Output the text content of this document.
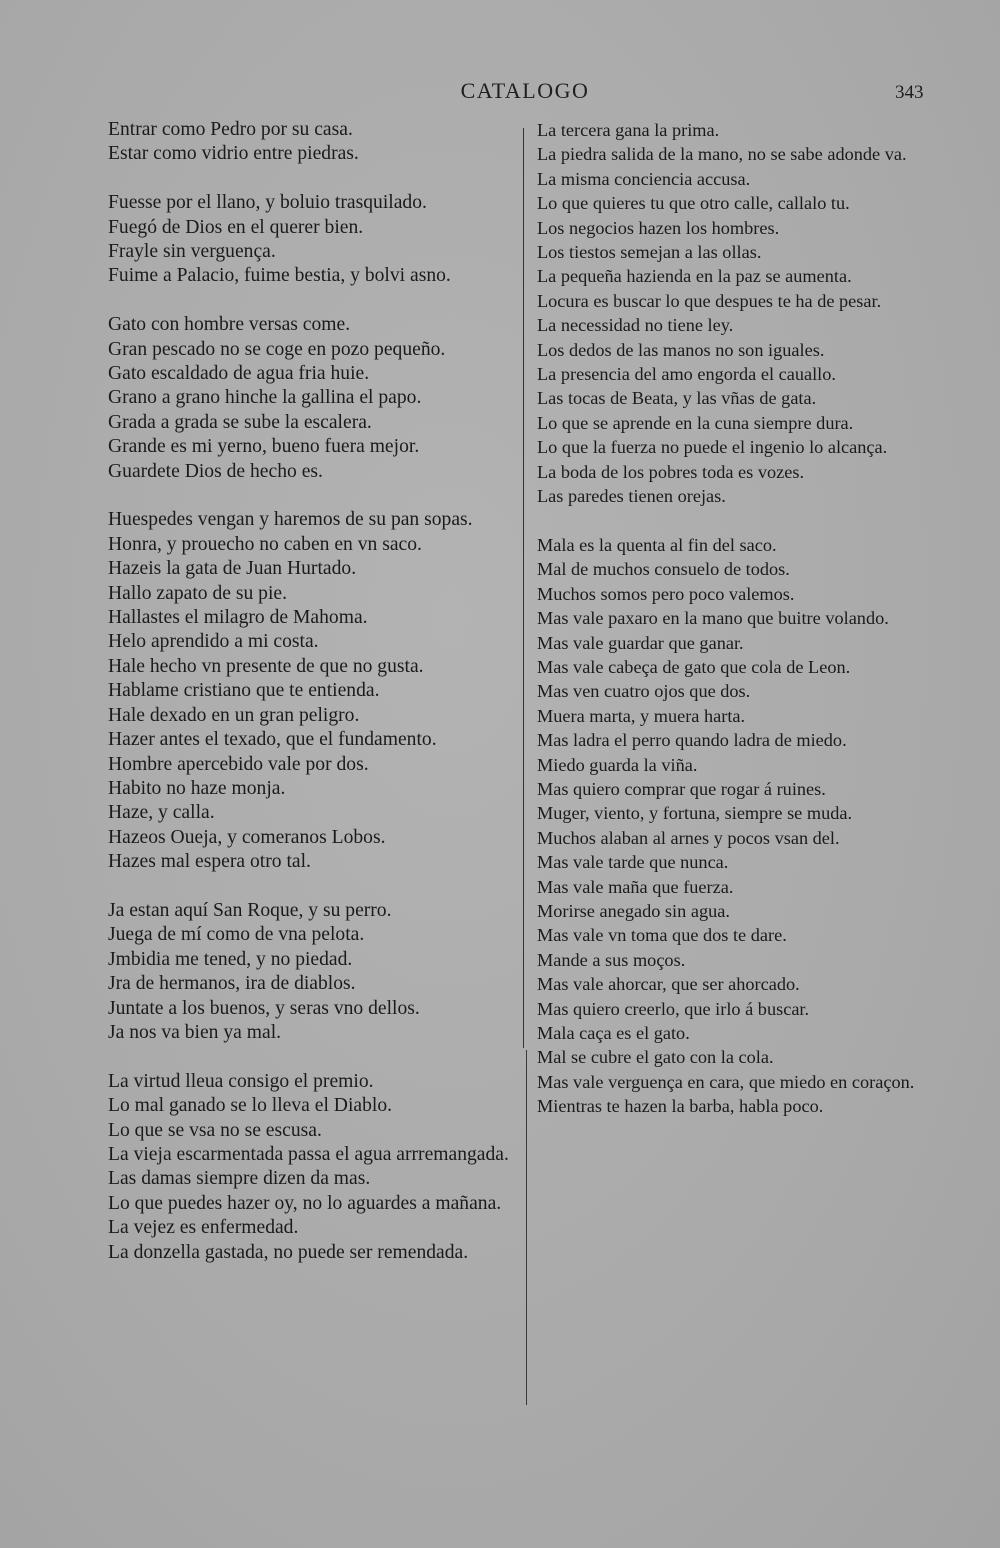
CATALOGO	343
Entrar como Pedro por su casa.
Estar como vidrio entre piedras.
Fuesse por el llano, y boluio trasquilado.
Fuegó de Dios en el querer bien.
Frayle sin verguença.
Fuime a Palacio, fuime bestia, y bolvi asno.
Gato con hombre versas come.
Gran pescado no se coge en pozo pequeño.
Gato escaldado de agua fria huie.
Grano a grano hinche la gallina el papo.
Grada a grada se sube la escalera.
Grande es mi yerno, bueno fuera mejor.
Guardete Dios de hecho es.
Huespedes vengan y haremos de su pan sopas.
Honra, y prouecho no caben en vn saco.
Hazeis la gata de Juan Hurtado.
Hallo zapato de su pie.
Hallastes el milagro de Mahoma.
Helo aprendido a mi costa.
Hale hecho vn presente de que no gusta.
Hablame cristiano que te entienda.
Hale dexado en un gran peligro.
Hazer antes el texado, que el fundamento.
Hombre apercebido vale por dos.
Habito no haze monja.
Haze, y calla.
Hazeos Oueja, y comeranos Lobos.
Hazes mal espera otro tal.
Ja estan aquí San Roque, y su perro.
Juega de mí como de vna pelota.
Jmbidia me tened, y no piedad.
Jra de hermanos, ira de diablos.
Juntate a los buenos, y seras vno dellos.
Ja nos va bien ya mal.
La virtud lleua consigo el premio.
Lo mal ganado se lo lleva el Diablo.
Lo que se vsa no se escusa.
La vieja escarmentada passa el agua arrremangada.
Las damas siempre dizen da mas.
Lo que puedes hazer oy, no lo aguardes a mañana.
La vejez es enfermedad.
La donzella gastada, no puede ser remendada.
La tercera gana la prima.
La piedra salida de la mano, no se sabe adonde va.
La misma conciencia accusa.
Lo que quieres tu que otro calle, callalo tu.
Los negocios hazen los hombres.
Los tiestos semejan a las ollas.
La pequeña hazienda en la paz se aumenta.
Locura es buscar lo que despues te ha de pesar.
La necessidad no tiene ley.
Los dedos de las manos no son iguales.
La presencia del amo engorda el cauallo.
Las tocas de Beata, y las vñas de gata.
Lo que se aprende en la cuna siempre dura.
Lo que la fuerza no puede el ingenio lo alcança.
La boda de los pobres toda es vozes.
Las paredes tienen orejas.
Mala es la quenta al fin del saco.
Mal de muchos consuelo de todos.
Muchos somos pero poco valemos.
Mas vale paxaro en la mano que buitre volando.
Mas vale guardar que ganar.
Mas vale cabeça de gato que cola de Leon.
Mas ven cuatro ojos que dos.
Muera marta, y muera harta.
Mas ladra el perro quando ladra de miedo.
Miedo guarda la viña.
Mas quiero comprar que rogar á ruines.
Muger, viento, y fortuna, siempre se muda.
Muchos alaban al arnes y pocos vsan del.
Mas vale tarde que nunca.
Mas vale maña que fuerza.
Morirse anegado sin agua.
Mas vale vn toma que dos te dare.
Mande a sus moços.
Mas vale ahorcar, que ser ahorcado.
Mas quiero creerlo, que irlo á buscar.
Mala caça es el gato.
Mal se cubre el gato con la cola.
Mas vale verguença en cara, que miedo en coraçon.
Mientras te hazen la barba, habla poco.
